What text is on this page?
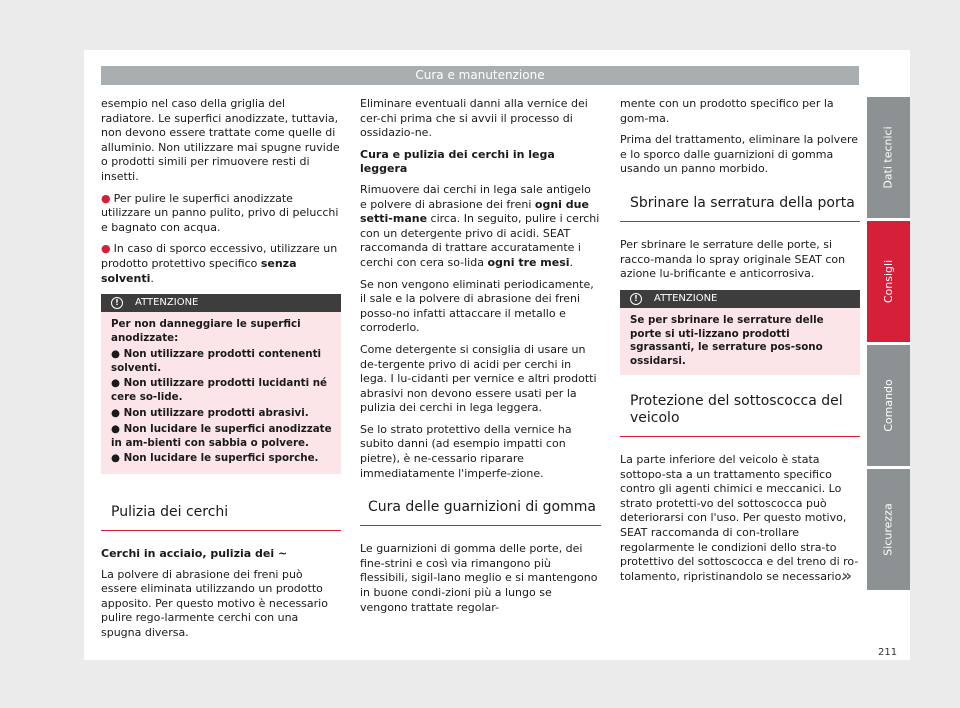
Cura e manutenzione

esempio nel caso della griglia del radiatore. Le superfici anodizzate, tuttavia, non devono essere trattate come quelle di alluminio. Non utilizzare mai spugne ruvide o prodotti simili per rimuovere resti di insetti.

● Per pulire le superfici anodizzate utilizzare un panno pulito, privo di pelucchi e bagnato con acqua.

● In caso di sporco eccessivo, utilizzare un prodotto protettivo specifico senza solventi.

!	ATTENZIONE
Per non danneggiare le superfici anodizzate:
● Non utilizzare prodotti contenenti solventi.
● Non utilizzare prodotti lucidanti né cere so-lide.
● Non utilizzare prodotti abrasivi.
● Non lucidare le superfici anodizzate in am-bienti con sabbia o polvere.
● Non lucidare le superfici sporche.
Pulizia dei cerchi
Cerchi in acciaio, pulizia dei ~

La polvere di abrasione dei freni può essere eliminata utilizzando un prodotto apposito. Per questo motivo è necessario pulire rego-larmente cerchi con una spugna diversa.

Eliminare eventuali danni alla vernice dei cer-chi prima che si avvii il processo di ossidazio-ne.

Cura e pulizia dei cerchi in lega leggera

Rimuovere dai cerchi in lega sale antigelo e polvere di abrasione dei freni ogni due setti-mane circa. In seguito, pulire i cerchi con un detergente privo di acidi. SEAT raccomanda di trattare accuratamente i cerchi con cera so-lida ogni tre mesi.

Se non vengono eliminati periodicamente, il sale e la polvere di abrasione dei freni posso-no infatti attaccare il metallo e corroderlo.

Come detergente si consiglia di usare un de-tergente privo di acidi per cerchi in lega. I lu-cidanti per vernice e altri prodotti abrasivi non devono essere usati per la pulizia dei cerchi in lega leggera.

Se lo strato protettivo della vernice ha subito danni (ad esempio impatti con pietre), è ne-cessario riparare immediatamente l'imperfe-zione.

Cura delle guarnizioni di gomma

Le guarnizioni di gomma delle porte, dei fine-strini e così via rimangono più flessibili, sigil-lano meglio e si mantengono in buone condi-zioni più a lungo se vengono trattate regolar-

mente con un prodotto specifico per la gom-ma.

Prima del trattamento, eliminare la polvere e lo sporco dalle guarnizioni di gomma usando un panno morbido.

Sbrinare la serratura della porta

Per sbrinare le serrature delle porte, si racco-manda lo spray originale SEAT con azione lu-brificante e anticorrosiva.

!	ATTENZIONE
Se per sbrinare le serrature delle porte si uti-lizzano prodotti sgrassanti, le serrature pos-sono ossidarsi.
Protezione del sottoscocca del veicolo

La parte inferiore del veicolo è stata sottopo-sta a un trattamento specifico contro gli agenti chimici e meccanici. Lo strato protetti-vo del sottoscocca può deteriorarsi con l'uso. Per questo motivo, SEAT raccomanda di con-trollare regolarmente le condizioni dello stra-to protettivo del sottoscocca e del treno di ro-tolamento, ripristinandolo se necessario.

»
Dati tecnici
Consigli
Comando
Sicurezza
211
